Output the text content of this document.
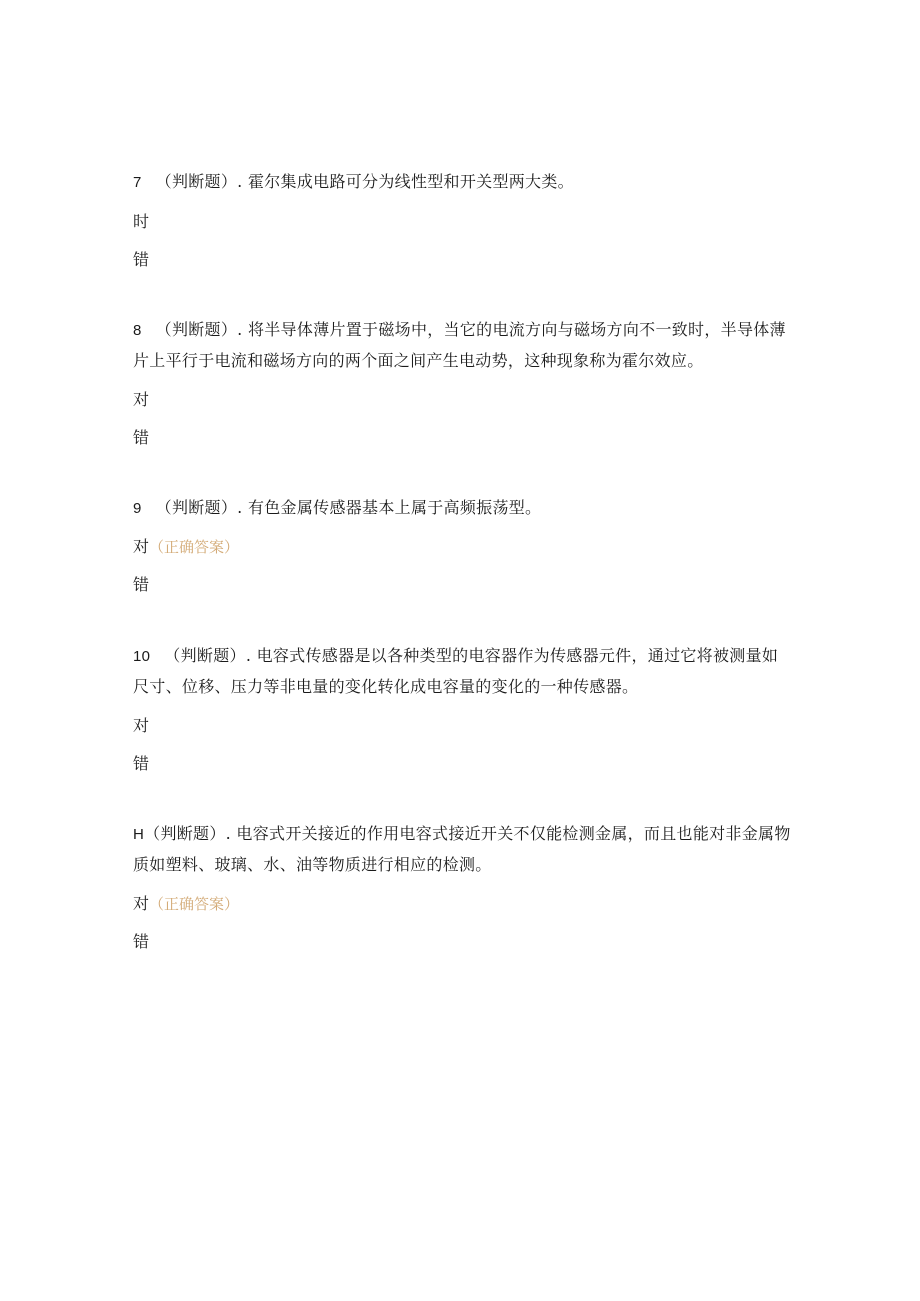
7 （判断题）. 霍尔集成电路可分为线性型和开关型两大类。

时

错

8 （判断题）. 将半导体薄片置于磁场中，当它的电流方向与磁场方向不一致时，半导体薄片上平行于电流和磁场方向的两个面之间产生电动势，这种现象称为霍尔效应。

对

错

9 （判断题）. 有色金属传感器基本上属于高频振荡型。

对（正确答案）

错

10 （判断题）. 电容式传感器是以各种类型的电容器作为传感器元件，通过它将被测量如尺寸、位移、压力等非电量的变化转化成电容量的变化的一种传感器。

对

错

H（判断题）. 电容式开关接近的作用电容式接近开关不仅能检测金属，而且也能对非金属物质如塑料、玻璃、水、油等物质进行相应的检测。

对（正确答案）

错
